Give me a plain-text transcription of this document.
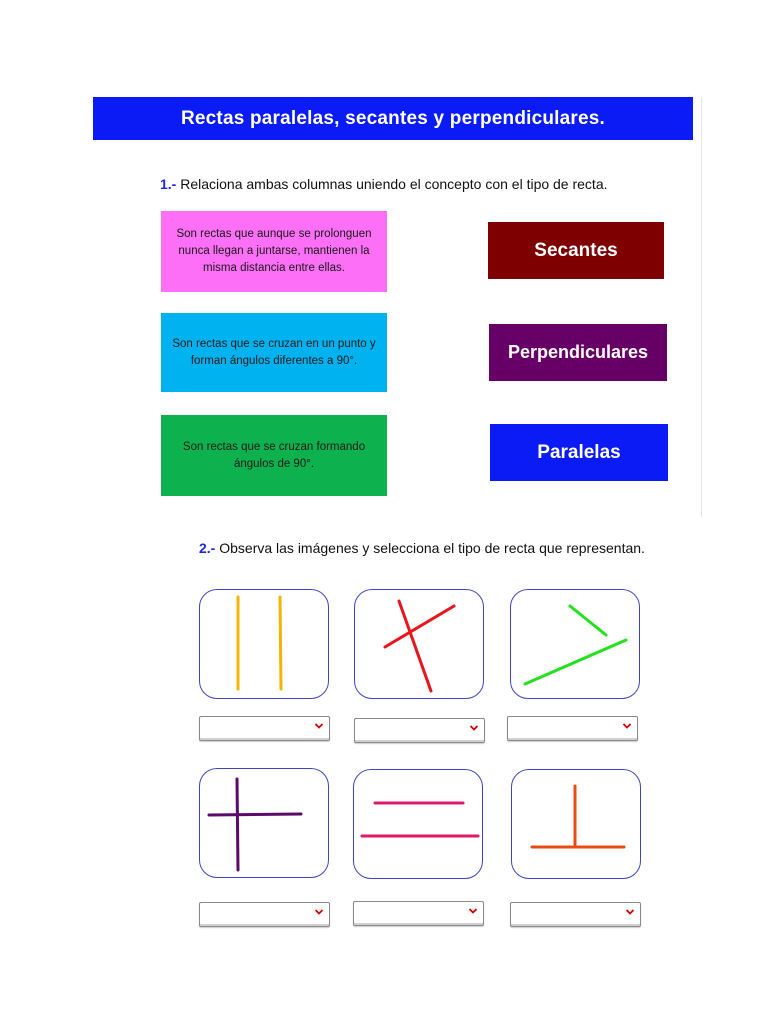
Rectas paralelas, secantes y perpendiculares.
1.- Relaciona ambas columnas uniendo el concepto con el tipo de recta.
Son rectas que aunque se prolonguen nunca llegan a juntarse, mantienen la misma distancia entre ellas.
Son rectas que se cruzan en un punto y forman ángulos diferentes a 90°.
Son rectas que se cruzan formando ángulos de 90°.
Secantes
Perpendiculares
Paralelas
2.- Observa las imágenes y selecciona el tipo de recta que representan.
